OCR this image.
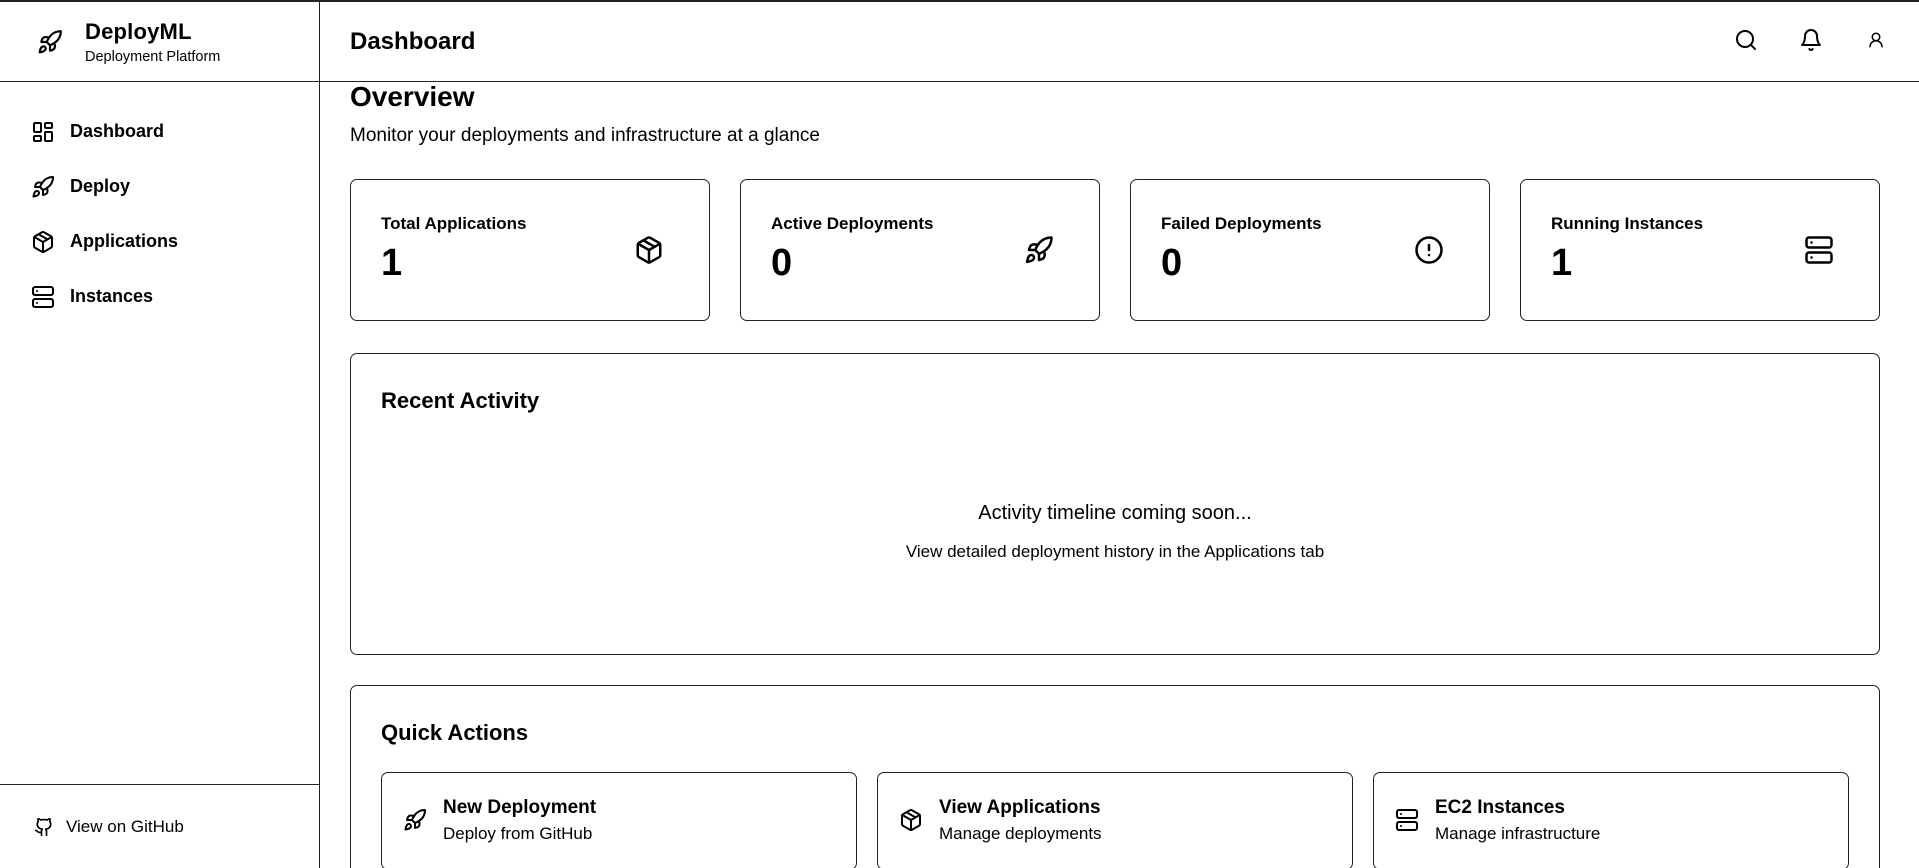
DeployML
Deployment Platform
Dashboard
Deploy
Applications
Instances
View on GitHub
Dashboard
Overview

Monitor your deployments and infrastructure at a glance

Total Applications
1
Active Deployments
0
Failed Deployments
0
Running Instances
1
Recent Activity
Activity timeline coming soon...
View detailed deployment history in the Applications tab
Quick Actions
New Deployment
Deploy from GitHub
View Applications
Manage deployments
EC2 Instances
Manage infrastructure
